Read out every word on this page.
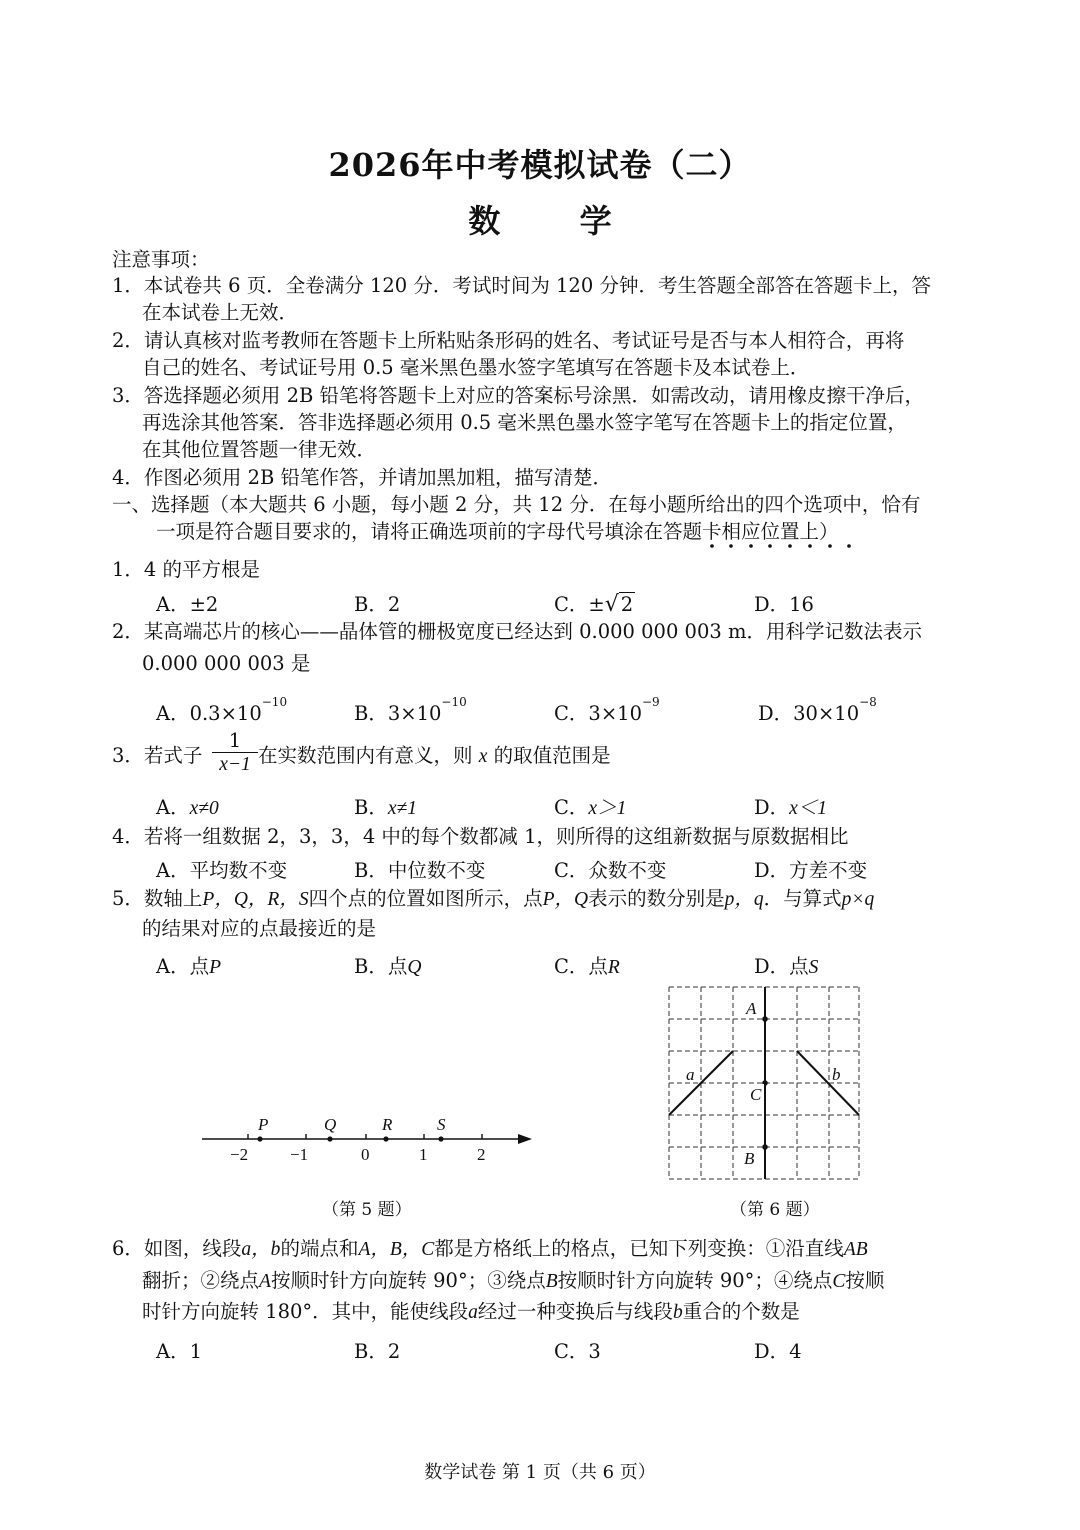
2026年中考模拟试卷（二）
数 学
注意事项：
1．本试卷共 6 页．全卷满分 120 分．考试时间为 120 分钟．考生答题全部答在答题卡上，答
在本试卷上无效．
2．请认真核对监考教师在答题卡上所粘贴条形码的姓名、考试证号是否与本人相符合，再将
自己的姓名、考试证号用 0.5 毫米黑色墨水签字笔填写在答题卡及本试卷上．
3．答选择题必须用 2B 铅笔将答题卡上对应的答案标号涂黑．如需改动，请用橡皮擦干净后，
再选涂其他答案．答非选择题必须用 0.5 毫米黑色墨水签字笔写在答题卡上的指定位置，
在其他位置答题一律无效．
4．作图必须用 2B 铅笔作答，并请加黑加粗，描写清楚．
一、选择题（本大题共 6 小题，每小题 2 分，共 12 分．在每小题所给出的四个选项中，恰有
一项是符合题目要求的，请将正确选项前的字母代号填涂在答题卡相应位置上）
1．4 的平方根是
A．±2	B．2	C．±√ 2	D．16
2．某高端芯片的核心——晶体管的栅极宽度已经达到 0.000 000 003 m．用科学记数法表示
0.000 000 003 是
A．$0.3\times 10^{-10}$	B．$3\times 10^{-10}$	C．$3\times 10^{-9}$	D．$30\times 10^{-8}$
3．若式子 $\frac{1}{x-1}$ 在实数范围内有意义，则 x 的取值范围是
A．x≠0	B．x≠1	C．x＞1	D．x＜1
4．若将一组数据 2，3，3，4 中的每个数都减 1，则所得的这组新数据与原数据相比
A．平均数不变	B．中位数不变	C．众数不变	D．方差不变
5．数轴上P，Q，R，S四个点的位置如图所示，点P，Q表示的数分别是p，q．与算式p×q
的结果对应的点最接近的是
A．点P	B．点Q	C．点R	D．点S
P	Q	R	S
−2 −1	0	1	2
（第 5 题）
A
a
C
b
B
（第 6 题）
6．如图，线段a，b的端点和A，B，C都是方格纸上的格点，已知下列变换：①沿直线AB
翻折；②绕点A按顺时针方向旋转 90°；③绕点B按顺时针方向旋转 90°；④绕点C按顺
时针方向旋转 180°．其中，能使线段a经过一种变换后与线段b重合的个数是
A．1	B．2	C．3	D．4
数学试卷 第 1 页（共 6 页）
